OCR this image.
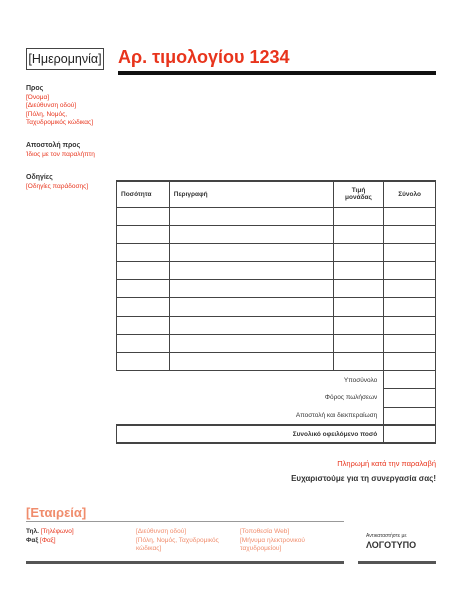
[Ημερομηνία] Αρ. τιμολογίου 1234
Προς
[Όνομα]
[Διεύθυνση οδού]
[Πόλη, Νομός,
Ταχυδρομικός κώδικας]
Αποστολή προς
Ίδιος με τον παραλήπτη
Οδηγίες
[Οδηγίες παράδοσης]
Ποσότητα	Περιγραφή	Τιμή μονάδας	Σύνολο

Υποσύνολο			
Φόρος πωλήσεων			
Αποστολή και διεκπεραίωση			
Συνολικό οφειλόμενο ποσό			
Πληρωμή κατά την παραλαβή
Ευχαριστούμε για τη συνεργασία σας!
[Εταιρεία]
Τηλ. [Τηλέφωνο]
Φαξ [Φαξ]
[Διεύθυνση οδού]
[Πόλη, Νομός, Ταχυδρομικός
κώδικας]
[Τοποθεσία Web]
[Μήνυμα ηλεκτρονικού
ταχυδρομείου]
Αντικαταστήστε με
ΛΟΓΟΤΥΠΟ
